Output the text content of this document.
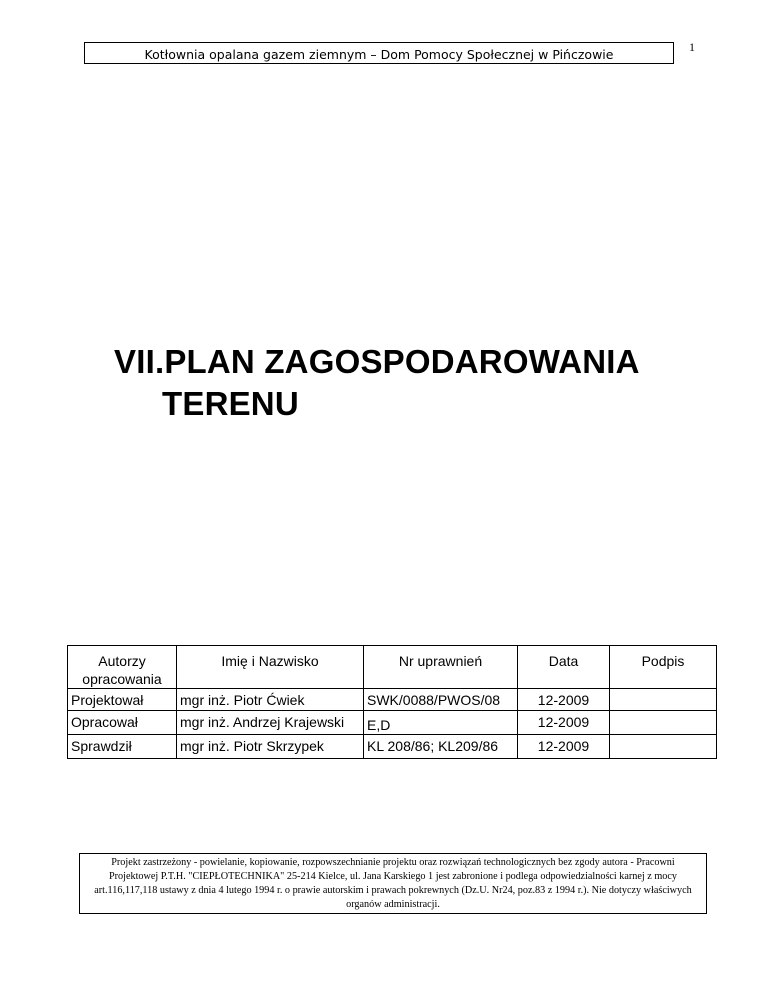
Kotłownia opalana gazem ziemnym – Dom Pomocy Społecznej w Pińczowie	1
VII.PLAN ZAGOSPODAROWANIA
TERENU
Autorzy opracowania	Imię i Nazwisko	Nr uprawnień	Data	Podpis
Projektował	mgr inż. Piotr Ćwiek	SWK/0088/PWOS/08	12-2009	
Opracował	mgr inż. Andrzej Krajewski	E,D	12-2009	
Sprawdził	mgr inż. Piotr Skrzypek	KL 208/86; KL209/86	12-2009	
Projekt zastrzeżony - powielanie, kopiowanie, rozpowszechnianie projektu oraz rozwiązań technologicznych bez zgody autora - Pracowni Projektowej P.T.H. "CIEPŁOTECHNIKA" 25-214 Kielce, ul. Jana Karskiego 1 jest zabronione i podlega odpowiedzialności karnej z mocy art.116,117,118 ustawy z dnia 4 lutego 1994 r. o prawie autorskim i prawach pokrewnych (Dz.U. Nr24, poz.83 z 1994 r.). Nie dotyczy właściwych organów administracji.
